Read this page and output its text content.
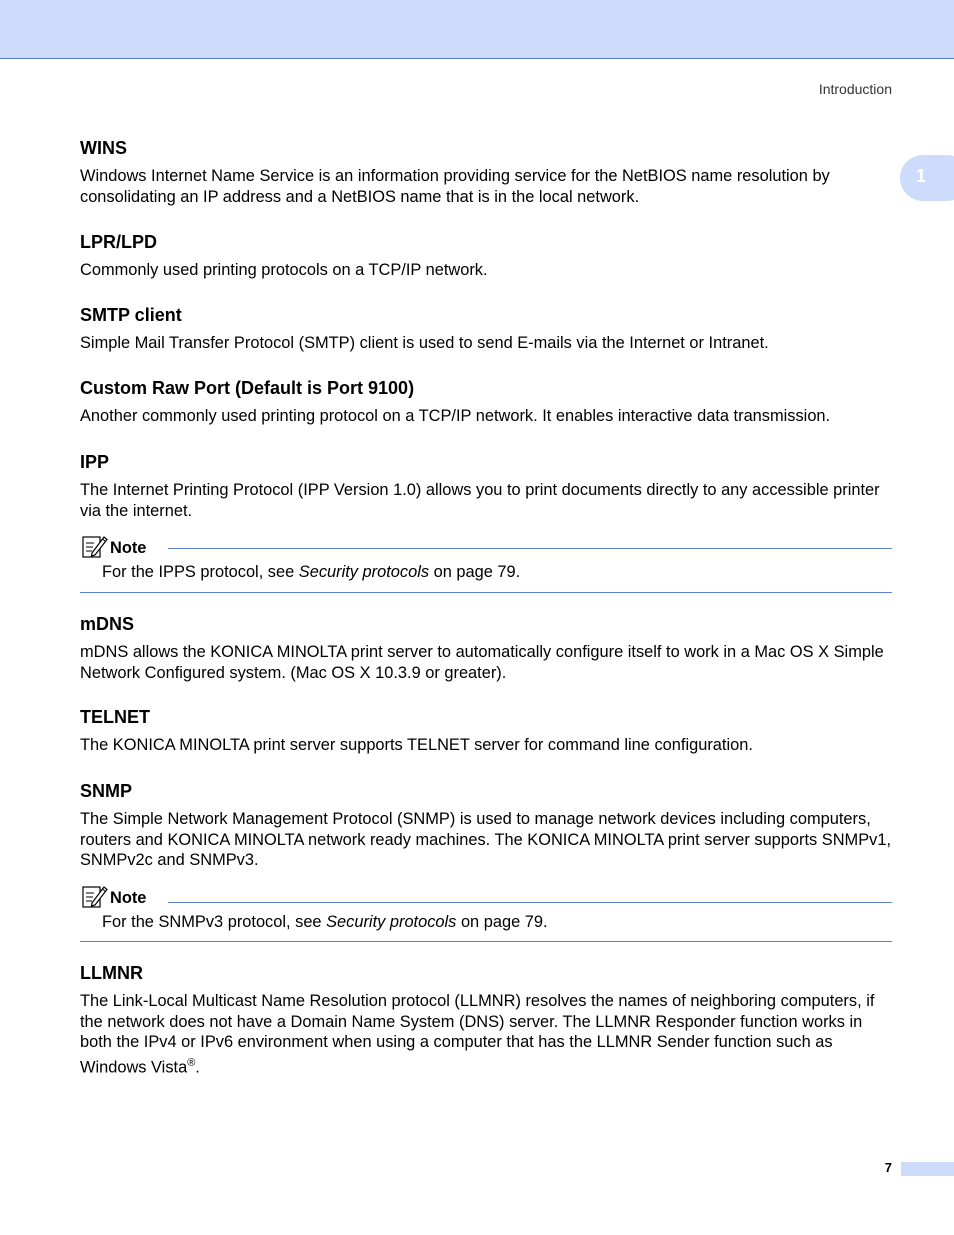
Introduction
1
WINS

Windows Internet Name Service is an information providing service for the NetBIOS name resolution by consolidating an IP address and a NetBIOS name that is in the local network.

LPR/LPD

Commonly used printing protocols on a TCP/IP network.

SMTP client

Simple Mail Transfer Protocol (SMTP) client is used to send E-mails via the Internet or Intranet.

Custom Raw Port (Default is Port 9100)

Another commonly used printing protocol on a TCP/IP network. It enables interactive data transmission.

IPP

The Internet Printing Protocol (IPP Version 1.0) allows you to print documents directly to any accessible printer via the internet.

Note
For the IPPS protocol, see Security protocols on page 79.
mDNS

mDNS allows the KONICA MINOLTA print server to automatically configure itself to work in a Mac OS X Simple Network Configured system. (Mac OS X 10.3.9 or greater).

TELNET

The KONICA MINOLTA print server supports TELNET server for command line configuration.

SNMP

The Simple Network Management Protocol (SNMP) is used to manage network devices including computers, routers and KONICA MINOLTA network ready machines. The KONICA MINOLTA print server supports SNMPv1, SNMPv2c and SNMPv3.

Note
For the SNMPv3 protocol, see Security protocols on page 79.
LLMNR

The Link-Local Multicast Name Resolution protocol (LLMNR) resolves the names of neighboring computers, if the network does not have a Domain Name System (DNS) server. The LLMNR Responder function works in both the IPv4 or IPv6 environment when using a computer that has the LLMNR Sender function such as Windows Vista®.

7
